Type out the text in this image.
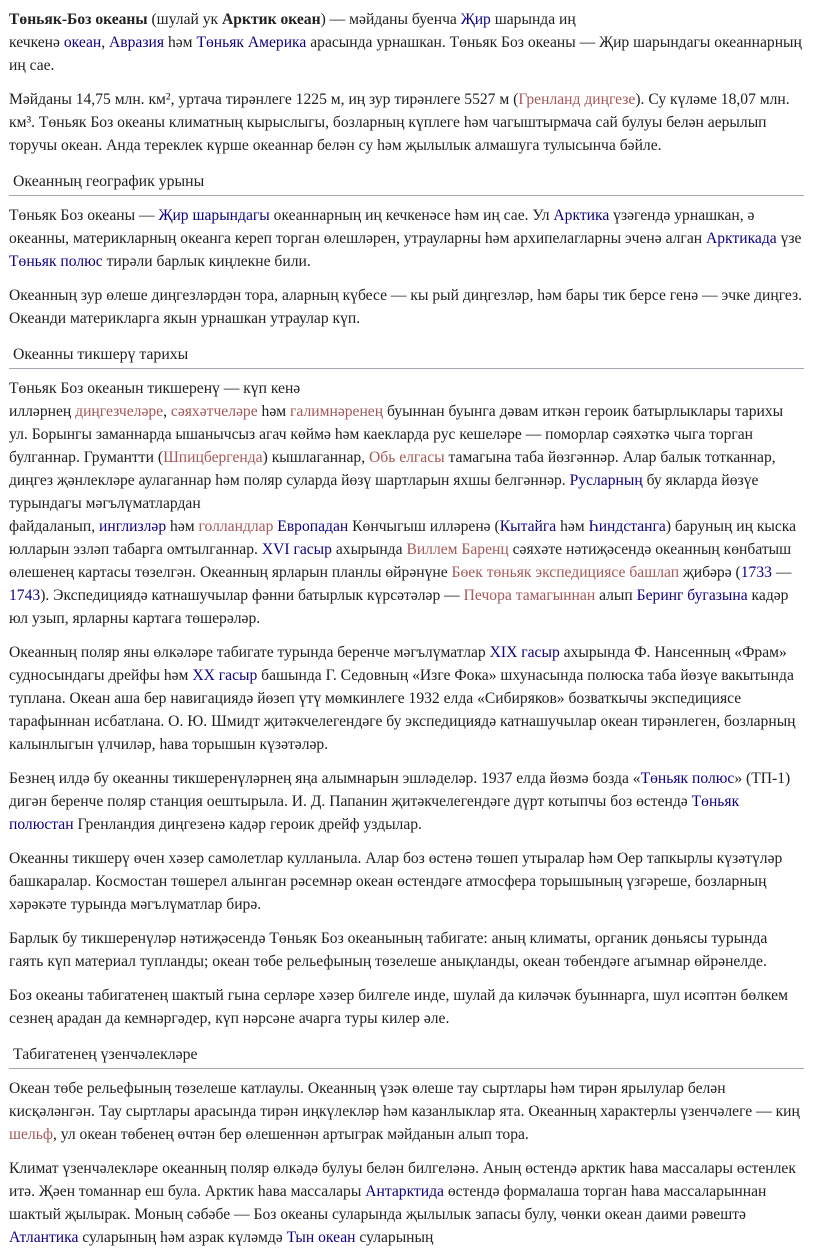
Төньяк-Боз океаны (шулай ук Арктик океан) — мәйданы буенча Җир шарында иң
кечкенә океан, Авразия һәм Төньяк Америка арасында урнашкан. Төньяк Боз океаны — Җир шарындагы океаннарның иң сае.

Мәйданы 14,75 млн. км², уртача тирәнлеге 1225 м, иң зур тирәнлеге 5527 м (Гренланд диңгезе). Су күләме 18,07 млн. км³. Төньяк Боз океаны климатның кырыслыгы, бозларның күплеге һәм чагыштырмача сай булуы белән аерылып торучы океан. Анда тереклек күрше океаннар белән су һәм җылылык алмашуга тулысынча бәйле.

Океанның географик урыны

Төньяк Боз океаны — Җир шарындагы океаннарның иң кечкенәсе һәм иң сае. Ул Арктика үзәгендә урнашкан, ә океанны, материкларның океанга кереп торган өлешләрен, утрауларны һәм архипелагларны эченә алган Арктикада үзе Төньяк полюс тирәли барлык киңлекне били.

Океанның зур өлеше диңгезләрдән тора, аларның күбесе — кы рый диңгезләр, һәм бары тик берсе генә — эчке диңгез. Океанди материкларга якын урнашкан утраулар күп.

Океанны тикшерү тарихы

Төньяк Боз океанын тикшеренү — күп кенә
илләрнең диңгезчеләре, сәяхәтчеләре һәм галимнәренең буыннан буынга дәвам иткән героик батырлыклары тарихы ул. Борынгы заманнарда ышанычсыз агач көймә һәм каекларда рус кешеләре — поморлар сәяхәткә чыга торган булганнар. Грумантти (Шпицбергенда) кышлаганнар, Обь елгасы тамагына таба йөзгәннәр. Алар балык тотканнар, диңгез җәнлекләре аулаганнар һәм поляр суларда йөзү шартларын яхшы белгәннәр. Русларның бу якларда йөзүе турындагы мәгълүматлардан
файдаланып, инглизләр һәм голландлар Европадан Көнчыгыш илләренә (Кытайга һәм Һиндстанга) баруның иң кыска юлларын эзләп табарга омтылганнар. XVI гасыр ахырында Виллем Баренц сәяхәте нәтиҗәсендә океанның көнбатыш өлешенең картасы төзелгән. Океанның ярларын планлы өйрәнүне Бөек төньяк экспедициясе башлап җибәрә (1733 — 1743). Экспедициядә катнашучылар фәнни батырлык күрсәтәләр — Печора тамагыннан алып Беринг бугазына кадәр юл узып, ярларны картага төшерәләр.

Океанның поляр яны өлкәләре табигате турында беренче мәгълүматлар XIX гасыр ахырында Ф. Нансенның «Фрам» судносындагы дрейфы һәм XX гасыр башында Г. Седовның «Изге Фока» шхунасында полюска таба йөзүе вакытында туплана. Океан аша бер навигациядә йөзеп үтү мөмкинлеге 1932 елда «Сибиряков» бозваткычы экспедициясе тарафыннан исбатлана. О. Ю. Шмидт җитәкчелегендәге бу экспедициядә катнашучылар океан тирәнлеген, бозларның калынлыгын үлчиләр, һава торышын күзәтәләр.

Безнең илдә бу океанны тикшеренүләрнең яңа алымнарын эшләделәр. 1937 елда йөзмә бозда «Төньяк полюс» (ТП-1) дигән беренче поляр станция оештырыла. И. Д. Папанин җитәкчелегендәге дүрт котыпчы боз өстендә Төньяк полюстан Гренландия диңгезенә кадәр героик дрейф уздылар.

Океанны тикшерү өчен хәзер самолетлар кулланыла. Алар боз өстенә төшеп утыралар һәм Оер тапкырлы күзәтүләр башкаралар. Космостан төшерел алынган рәсемнәр океан өстендәге атмосфера торышының үзгәреше, бозларның хәрәкәте турында мәгълүматлар бирә.

Барлык бу тикшеренүләр нәтиҗәсендә Төньяк Боз океанының табигате: аның климаты, органик дөньясы турында гаять күп материал тупланды; океан төбе рельефының төзелеше анықланды, океан төбендәге агымнар өйрәнелде.

Боз океаны табигатенең шактый гына серләре хәзер билгеле инде, шулай да киләчәк буыннарга, шул исәптән бөлкем сезнең арадан да кемнәргәдер, күп нәрсәне ачарга туры килер әле.

Табигатенең үзенчәлекләре

Океан төбе рельефының төзелеше катлаулы. Океанның үзәк өлеше тау сыртлары һәм тирән ярылулар белән кисқәләнгән. Тау сыртлары арасында тирән иңкүлекләр һәм казанлыклар ята. Океанның характерлы үзенчәлеге — киң шельф, ул океан төбенең өчтән бер өлешеннән артыграк мәйданын алып тора.

Климат үзенчәлекләре океанның поляр өлкәдә булуы белән билгеләнә. Аның өстендә арктик һава массалары өстенлек итә. Җәен томаннар еш була. Арктик һава массалары Антарктида өстендә формалаша торган һава массаларыннан шактый җылырак. Моның сәбәбе — Боз океаны суларында җылылык запасы булу, чөнки океан даими рәвештә Атлантика суларының һәм азрак күләмдә Тын океан суларының
